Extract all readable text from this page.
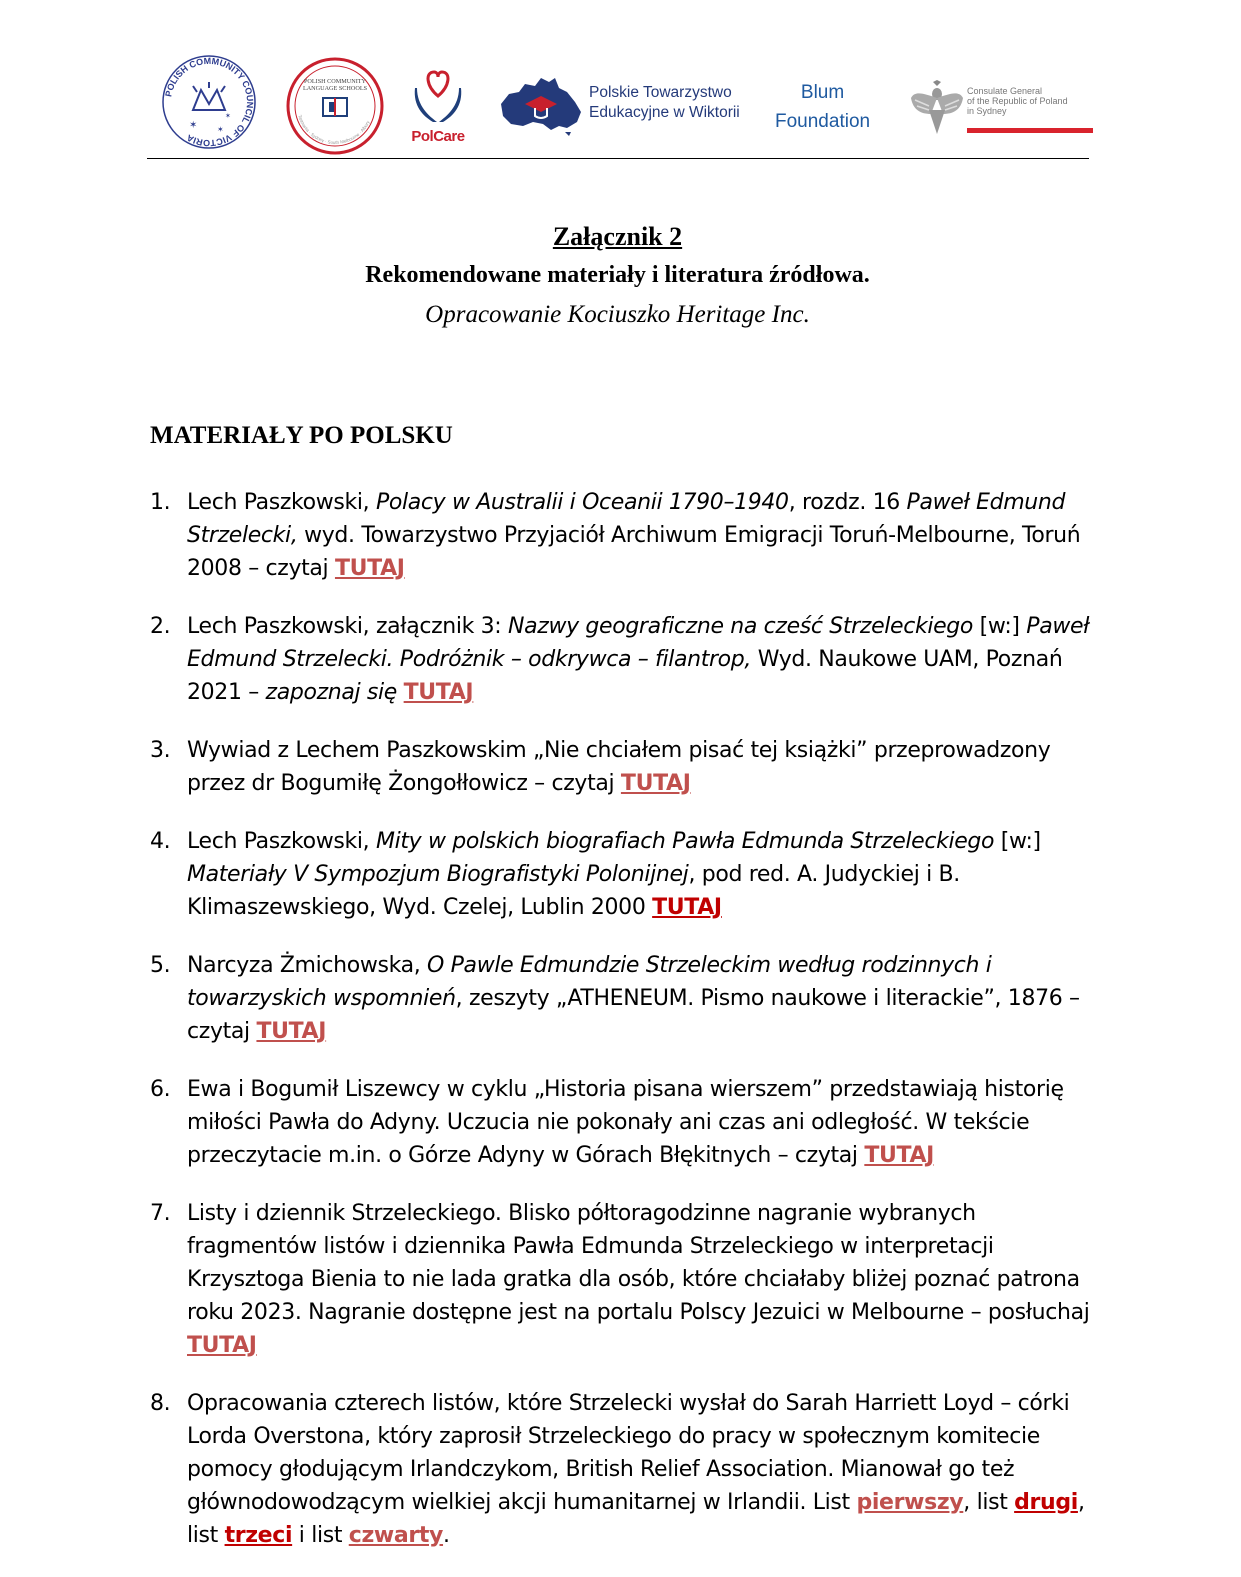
POLISH COMMUNITY COUNCIL OF VICTORIA
✶ ✶
✶
POLISH COMMUNITY
LANGUAGE SCHOOLS
Tasmania · Sydney · South Melbourne · Albury
PolCare
Polskie Towarzystwo
Edukacyjne w Wiktorii
Blum
Foundation
Consulate General
of the Republic of Poland
in Sydney
Załącznik 2
Rekomendowane materiały i literatura źródłowa.
Opracowanie Kociuszko Heritage Inc.
MATERIAŁY PO POLSKU
1. Lech Paszkowski, Polacy w Australii i Oceanii 1790–1940, rozdz. 16 Paweł Edmund Strzelecki, wyd. Towarzystwo Przyjaciół Archiwum Emigracji Toruń-Melbourne, Toruń 2008 – czytaj TUTAJ
2. Lech Paszkowski, załącznik 3: Nazwy geograficzne na cześć Strzeleckiego [w:] Paweł Edmund Strzelecki. Podróżnik – odkrywca – filantrop, Wyd. Naukowe UAM, Poznań 2021 – zapoznaj się TUTAJ
3. Wywiad z Lechem Paszkowskim „Nie chciałem pisać tej książki” przeprowadzony przez dr Bogumiłę Żongołłowicz – czytaj TUTAJ
4. Lech Paszkowski, Mity w polskich biografiach Pawła Edmunda Strzeleckiego [w:] Materiały V Sympozjum Biografistyki Polonijnej, pod red. A. Judyckiej i B. Klimaszewskiego, Wyd. Czelej, Lublin 2000 TUTAJ
5. Narcyza Żmichowska, O Pawle Edmundzie Strzeleckim według rodzinnych i towarzyskich wspomnień, zeszyty „ATHENEUM. Pismo naukowe i literackie”, 1876 – czytaj TUTAJ
6. Ewa i Bogumił Liszewcy w cyklu „Historia pisana wierszem” przedstawiają historię miłości Pawła do Adyny. Uczucia nie pokonały ani czas ani odległość. W tekście przeczytacie m.in. o Górze Adyny w Górach Błękitnych – czytaj TUTAJ
7. Listy i dziennik Strzeleckiego. Blisko półtoragodzinne nagranie wybranych fragmentów listów i dziennika Pawła Edmunda Strzeleckiego w interpretacji Krzysztoga Bienia to nie lada gratka dla osób, które chciałaby bliżej poznać patrona roku 2023. Nagranie dostępne jest na portalu Polscy Jezuici w Melbourne – posłuchaj TUTAJ
8. Opracowania czterech listów, które Strzelecki wysłał do Sarah Harriett Loyd – córki Lorda Overstona, który zaprosił Strzeleckiego do pracy w społecznym komitecie pomocy głodującym Irlandczykom, British Relief Association. Mianował go też głównodowodzącym wielkiej akcji humanitarnej w Irlandii. List pierwszy, list drugi, list trzeci i list czwarty.
